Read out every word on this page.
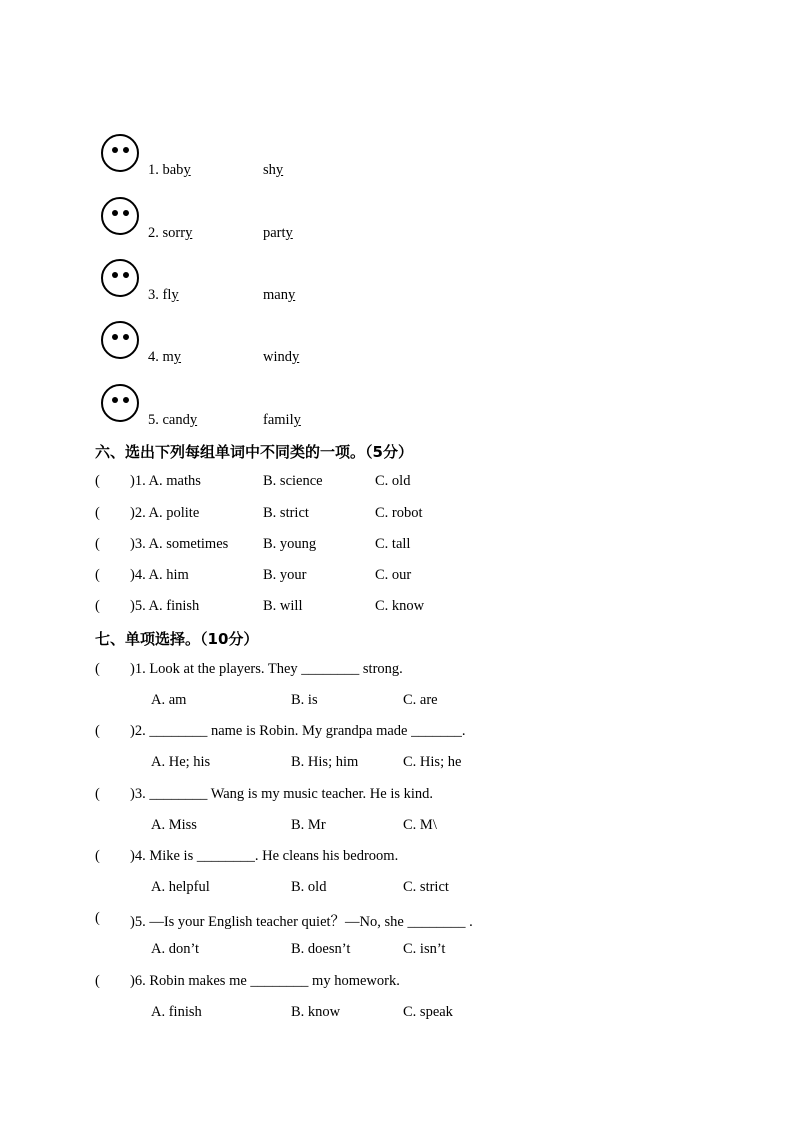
1. baby	shy
2. sorry	party
3. fly	many
4. my	windy
5. candy	family
六、选出下列每组单词中不同类的一项。（5分）
( )1. A. maths	B. science	C. old
( )2. A. polite	B. strict	C. robot
( )3. A. sometimes B. young	C. tall
( )4. A. him	B. your	C. our
( )5. A. finish	B. will	C. know
七、单项选择。（10分）
( )1. Look at the players. They ________ strong.
A. am	B. is	C. are
( )2. ________ name is Robin. My grandpa made _______.
A. He; his	B. His; him	C. His; he
( )3. ________ Wang is my music teacher. He is kind.
A. Miss	B. Mr	C. M\
( )4. Mike is ________. He cleans his bedroom.
A. helpful	B. old	C. strict
( )5. —Is your English teacher quiet？—No, she ________ .
A. don’t	B. doesn’t	C. isn’t
( )6. Robin makes me ________ my homework.
A. finish	B. know	C. speak
